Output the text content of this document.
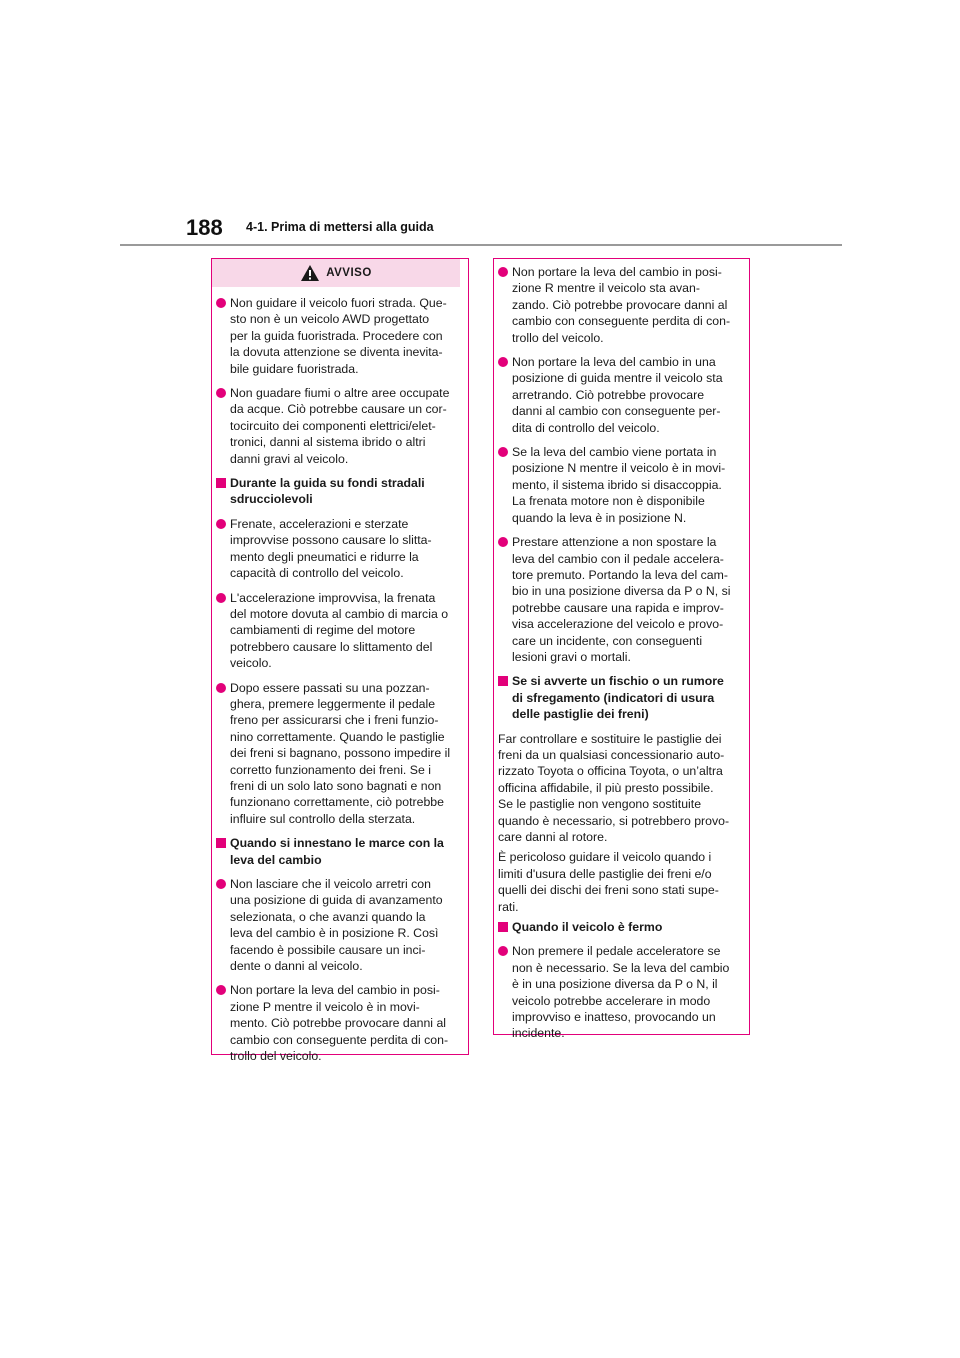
188 4-1. Prima di mettersi alla guida
AVVISO
Non guidare il veicolo fuori strada. Que-
sto non è un veicolo AWD progettato
per la guida fuoristrada. Procedere con
la dovuta attenzione se diventa inevita-
bile guidare fuoristrada.
Non guadare fiumi o altre aree occupate
da acque. Ciò potrebbe causare un cor-
tocircuito dei componenti elettrici/elet-
tronici, danni al sistema ibrido o altri
danni gravi al veicolo.
Durante la guida su fondi stradali
sdrucciolevoli
Frenate, accelerazioni e sterzate
improvvise possono causare lo slitta-
mento degli pneumatici e ridurre la
capacità di controllo del veicolo.
L'accelerazione improvvisa, la frenata
del motore dovuta al cambio di marcia o
cambiamenti di regime del motore
potrebbero causare lo slittamento del
veicolo.
Dopo essere passati su una pozzan-
ghera, premere leggermente il pedale
freno per assicurarsi che i freni funzio-
nino correttamente. Quando le pastiglie
dei freni si bagnano, possono impedire il
corretto funzionamento dei freni. Se i
freni di un solo lato sono bagnati e non
funzionano correttamente, ciò potrebbe
influire sul controllo della sterzata.
Quando si innestano le marce con la
leva del cambio
Non lasciare che il veicolo arretri con
una posizione di guida di avanzamento
selezionata, o che avanzi quando la
leva del cambio è in posizione R. Così
facendo è possibile causare un inci-
dente o danni al veicolo.
Non portare la leva del cambio in posi-
zione P mentre il veicolo è in movi-
mento. Ciò potrebbe provocare danni al
cambio con conseguente perdita di con-
trollo del veicolo.
Non portare la leva del cambio in posi-
zione R mentre il veicolo sta avan-
zando. Ciò potrebbe provocare danni al
cambio con conseguente perdita di con-
trollo del veicolo.
Non portare la leva del cambio in una
posizione di guida mentre il veicolo sta
arretrando. Ciò potrebbe provocare
danni al cambio con conseguente per-
dita di controllo del veicolo.
Se la leva del cambio viene portata in
posizione N mentre il veicolo è in movi-
mento, il sistema ibrido si disaccoppia.
La frenata motore non è disponibile
quando la leva è in posizione N.
Prestare attenzione a non spostare la
leva del cambio con il pedale accelera-
tore premuto. Portando la leva del cam-
bio in una posizione diversa da P o N, si
potrebbe causare una rapida e improv-
visa accelerazione del veicolo e provo-
care un incidente, con conseguenti
lesioni gravi o mortali.
Se si avverte un fischio o un rumore
di sfregamento (indicatori di usura
delle pastiglie dei freni)
Far controllare e sostituire le pastiglie dei
freni da un qualsiasi concessionario auto-
rizzato Toyota o officina Toyota, o un’altra
officina affidabile, il più presto possibile.
Se le pastiglie non vengono sostituite
quando è necessario, si potrebbero provo-
care danni al rotore.
È pericoloso guidare il veicolo quando i
limiti d'usura delle pastiglie dei freni e/o
quelli dei dischi dei freni sono stati supe-
rati.
Quando il veicolo è fermo
Non premere il pedale acceleratore se
non è necessario. Se la leva del cambio
è in una posizione diversa da P o N, il
veicolo potrebbe accelerare in modo
improvviso e inatteso, provocando un
incidente.
